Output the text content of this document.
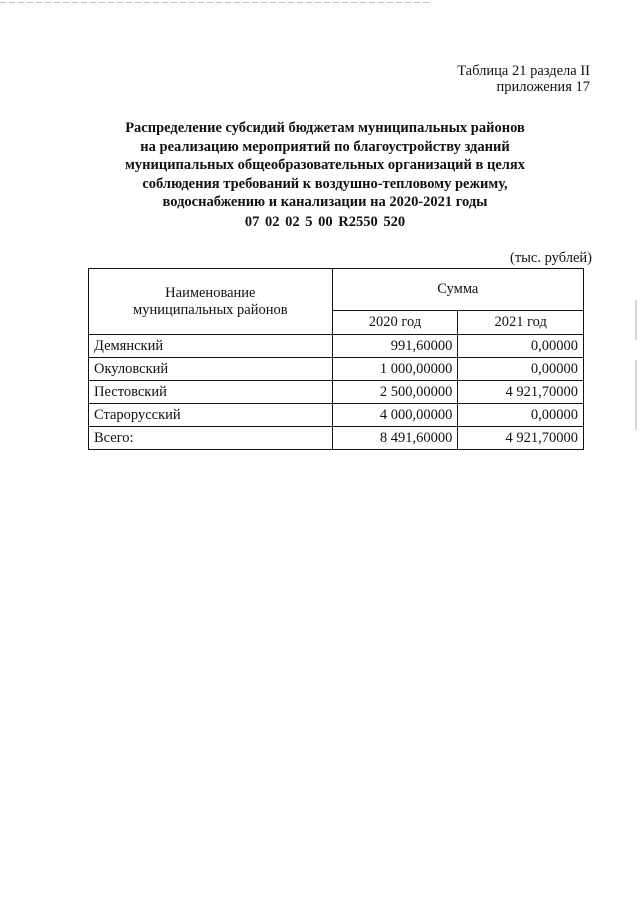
Таблица 21 раздела II
приложения 17
Распределение субсидий бюджетам муниципальных районов
на реализацию мероприятий по благоустройству зданий
муниципальных общеобразовательных организаций в целях
соблюдения требований к воздушно-тепловому режиму,
водоснабжению и канализации на 2020-2021 годы
07 02 02 5 00 R2550 520
(тыс. рублей)
Наименование
муниципальных районов	Сумма	
	2020 год	2021 год
Демянский	991,60000	0,00000
Окуловский	1 000,00000	0,00000
Пестовский	2 500,00000	4 921,70000
Старорусский	4 000,00000	0,00000
Всего:	8 491,60000	4 921,70000
